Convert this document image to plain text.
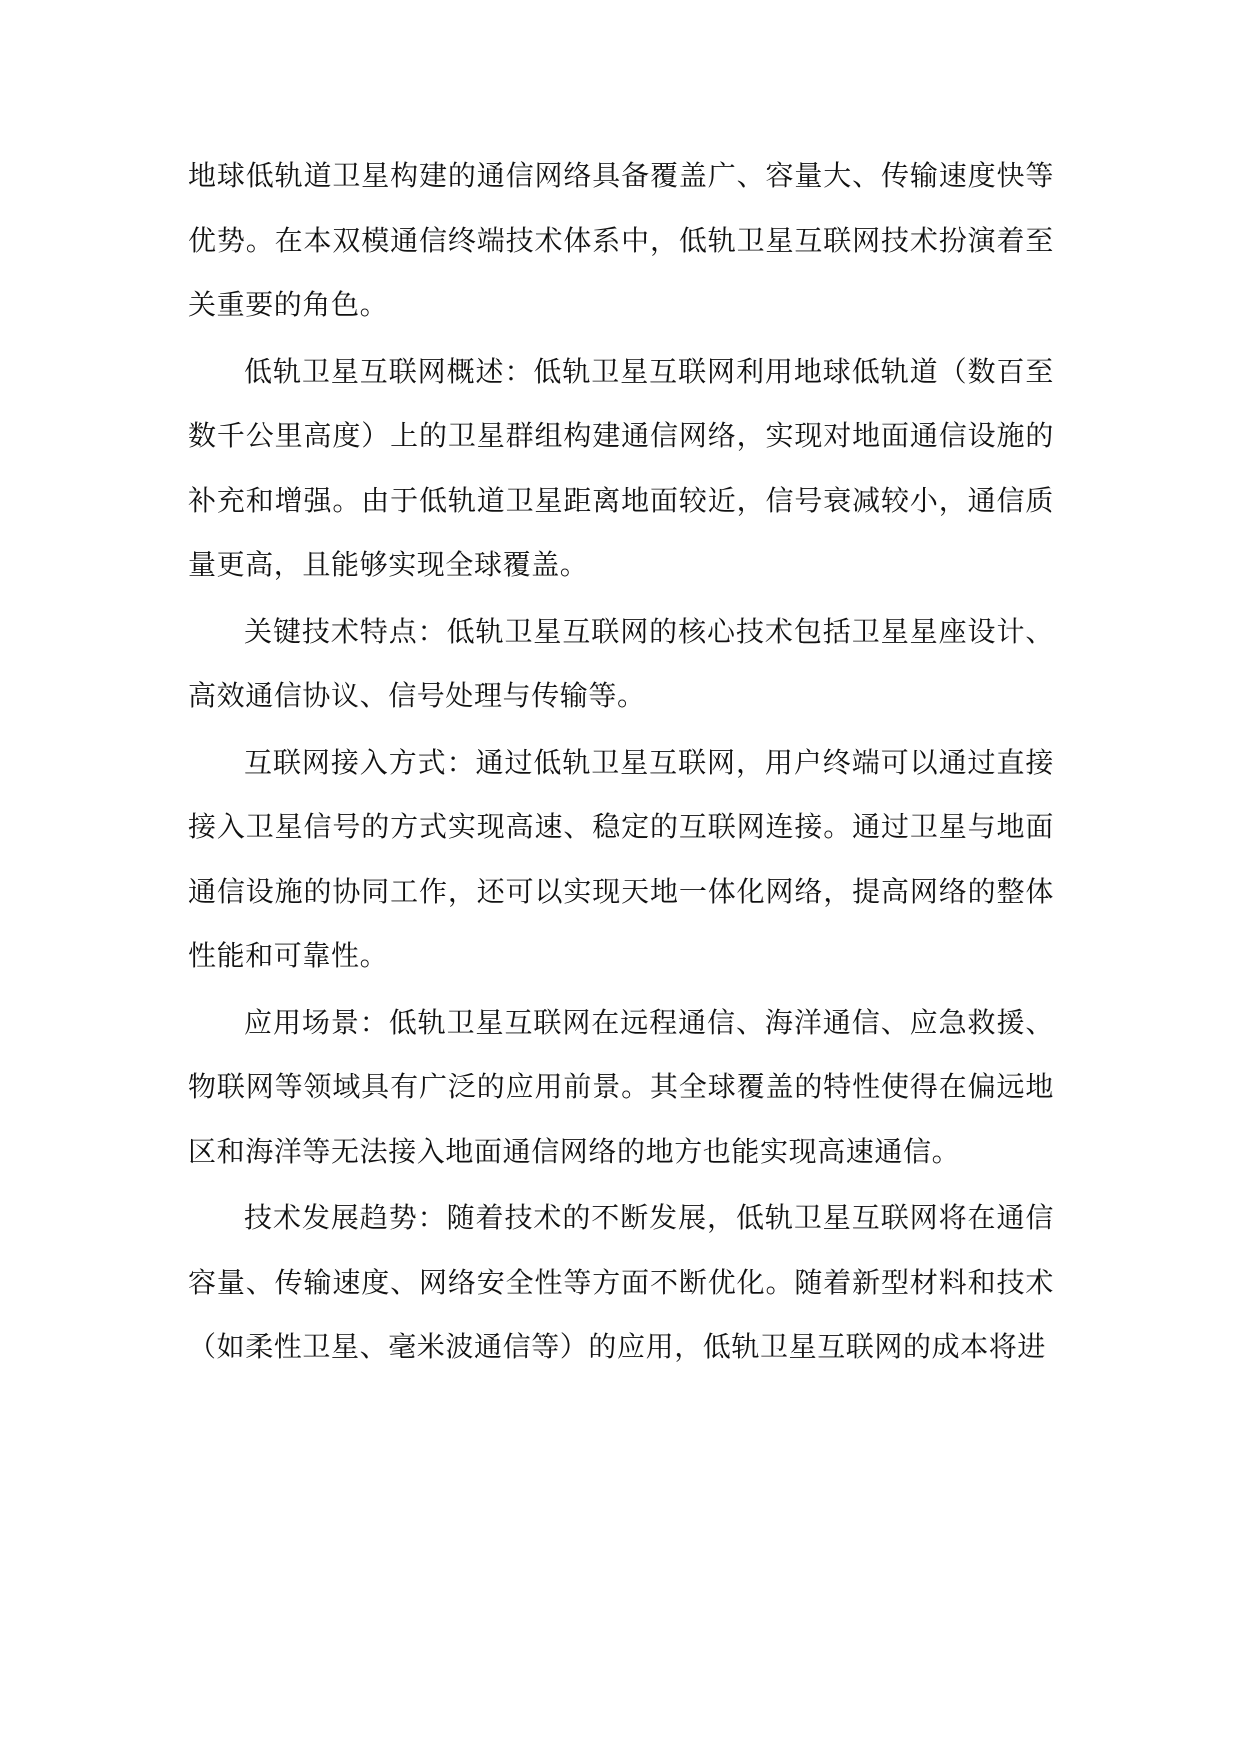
地球低轨道卫星构建的通信网络具备覆盖广、容量大、传输速度快等优势。在本双模通信终端技术体系中，低轨卫星互联网技术扮演着至关重要的角色。

低轨卫星互联网概述：低轨卫星互联网利用地球低轨道（数百至数千公里高度）上的卫星群组构建通信网络，实现对地面通信设施的补充和增强。由于低轨道卫星距离地面较近，信号衰减较小，通信质量更高，且能够实现全球覆盖。

关键技术特点：低轨卫星互联网的核心技术包括卫星星座设计、高效通信协议、信号处理与传输等。

互联网接入方式：通过低轨卫星互联网，用户终端可以通过直接接入卫星信号的方式实现高速、稳定的互联网连接。通过卫星与地面通信设施的协同工作，还可以实现天地一体化网络，提高网络的整体性能和可靠性。

应用场景：低轨卫星互联网在远程通信、海洋通信、应急救援、物联网等领域具有广泛的应用前景。其全球覆盖的特性使得在偏远地区和海洋等无法接入地面通信网络的地方也能实现高速通信。

技术发展趋势：随着技术的不断发展，低轨卫星互联网将在通信容量、传输速度、网络安全性等方面不断优化。随着新型材料和技术（如柔性卫星、毫米波通信等）的应用，低轨卫星互联网的成本将进
